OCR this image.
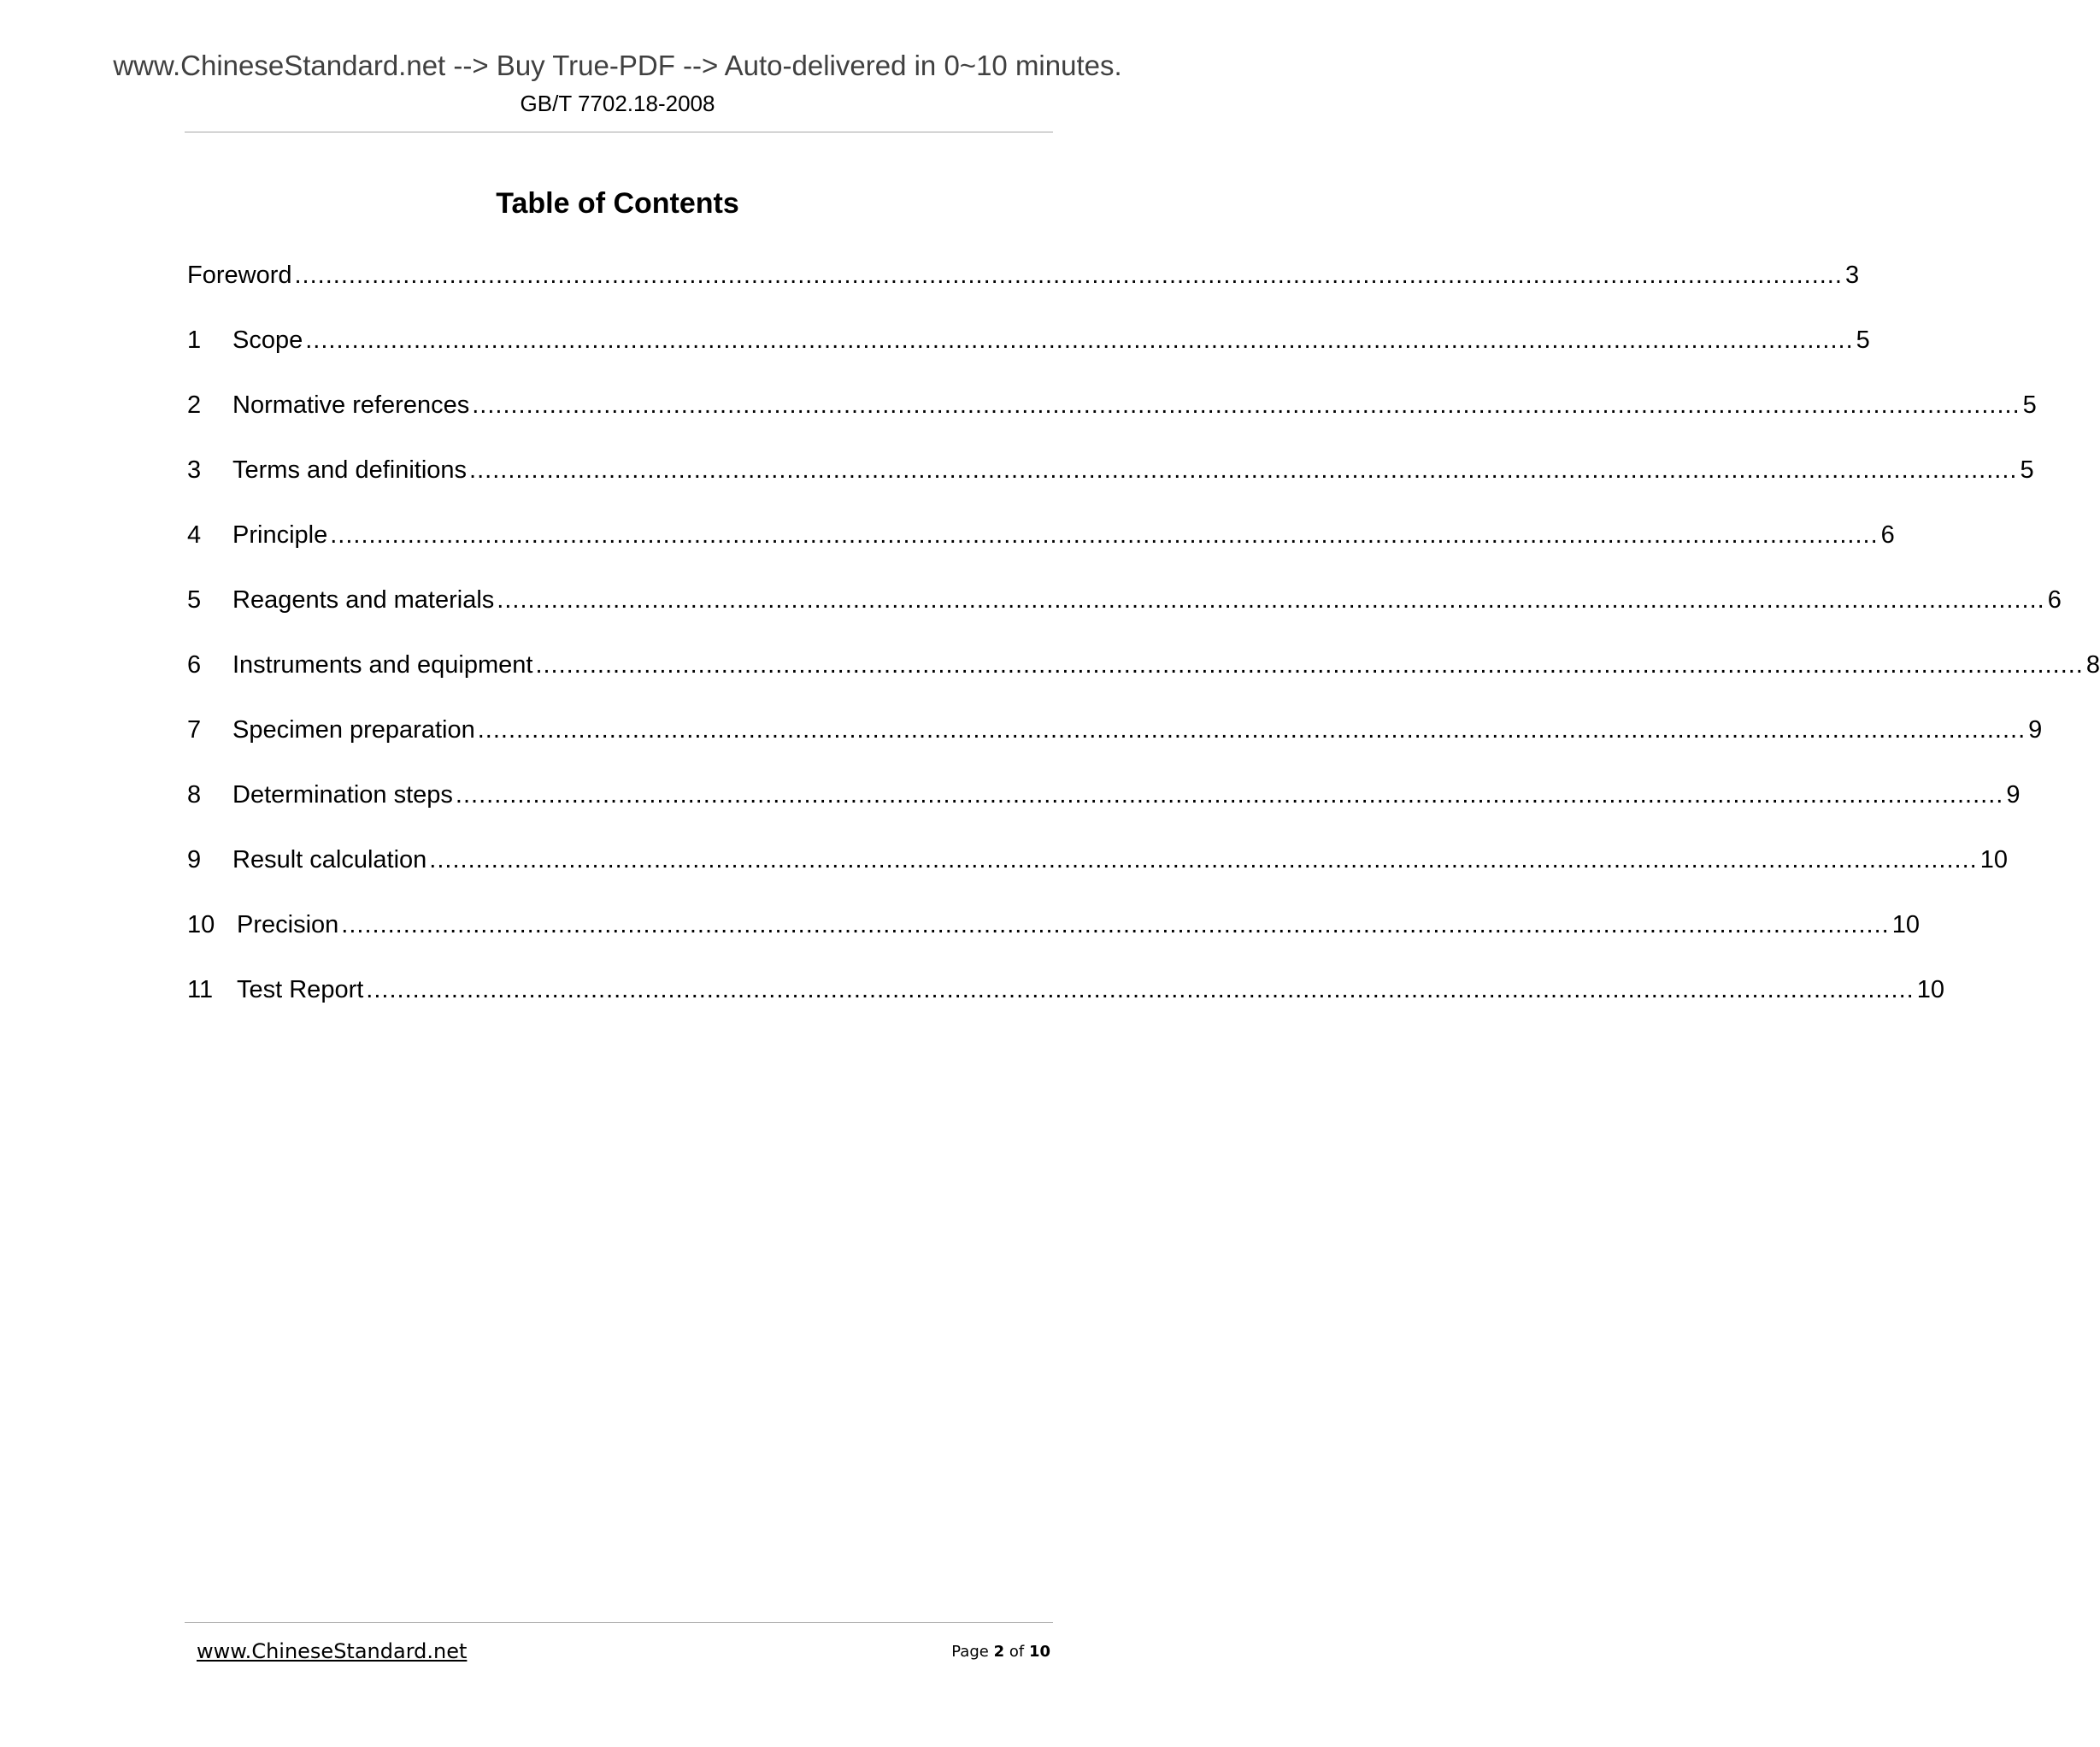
www.ChineseStandard.net --> Buy True-PDF --> Auto-delivered in 0~10 minutes.
GB/T 7702.18-2008
Table of Contents
Foreword ........................................................................................................................................................................................................ 3
1	Scope ........................................................................................................................................................................................................ 5
2	Normative references ........................................................................................................................................................................................................ 5
3	Terms and definitions ........................................................................................................................................................................................................ 5
4	Principle ........................................................................................................................................................................................................ 6
5	Reagents and materials ........................................................................................................................................................................................................ 6
6	Instruments and equipment ........................................................................................................................................................................................................ 8
7	Specimen preparation ........................................................................................................................................................................................................ 9
8	Determination steps ........................................................................................................................................................................................................ 9
9	Result calculation ........................................................................................................................................................................................................ 10
10 Precision ........................................................................................................................................................................................................ 10
11 Test Report ........................................................................................................................................................................................................ 10
www.ChineseStandard.net	Page 2 of 10
